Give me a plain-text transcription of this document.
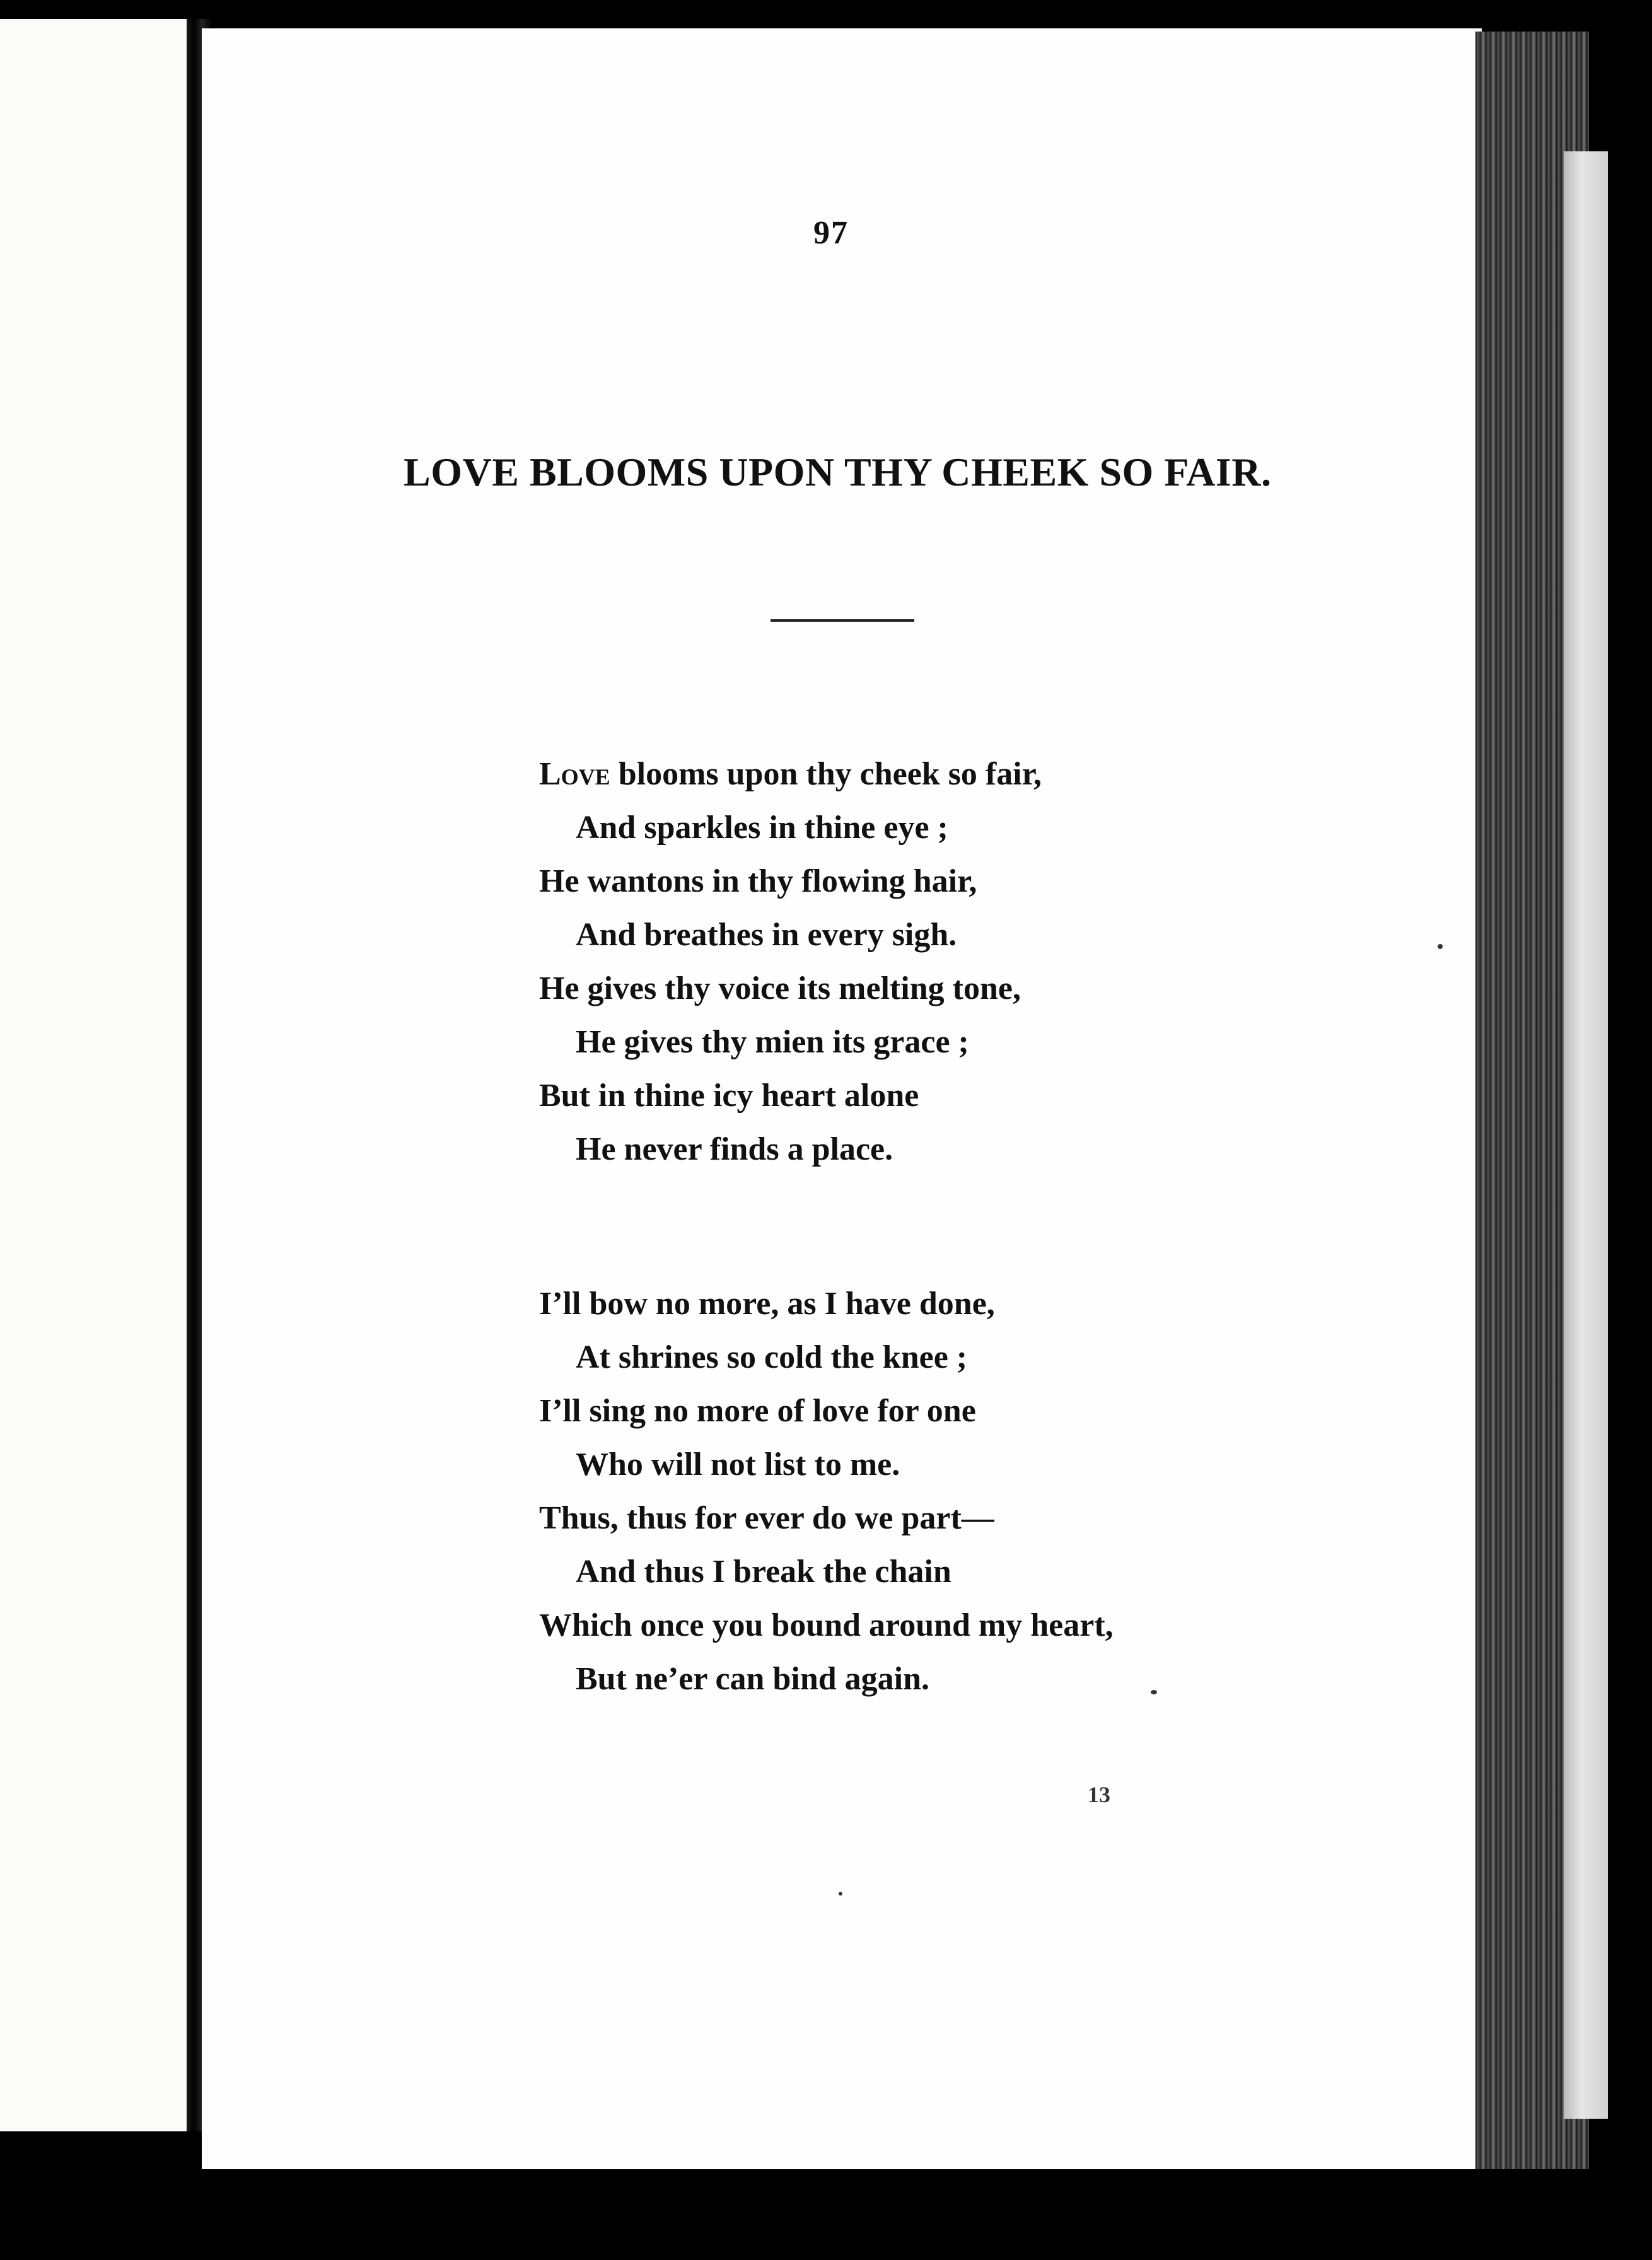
97
LOVE BLOOMS UPON THY CHEEK SO FAIR.
Love blooms upon thy cheek so fair,
And sparkles in thine eye ;
He wantons in thy flowing hair,
And breathes in every sigh.
He gives thy voice its melting tone,
He gives thy mien its grace ;
But in thine icy heart alone
He never finds a place.
I’ll bow no more, as I have done,
At shrines so cold the knee ;
I’ll sing no more of love for one
Who will not list to me.
Thus, thus for ever do we part—
And thus I break the chain
Which once you bound around my heart,
But ne’er can bind again.
13
